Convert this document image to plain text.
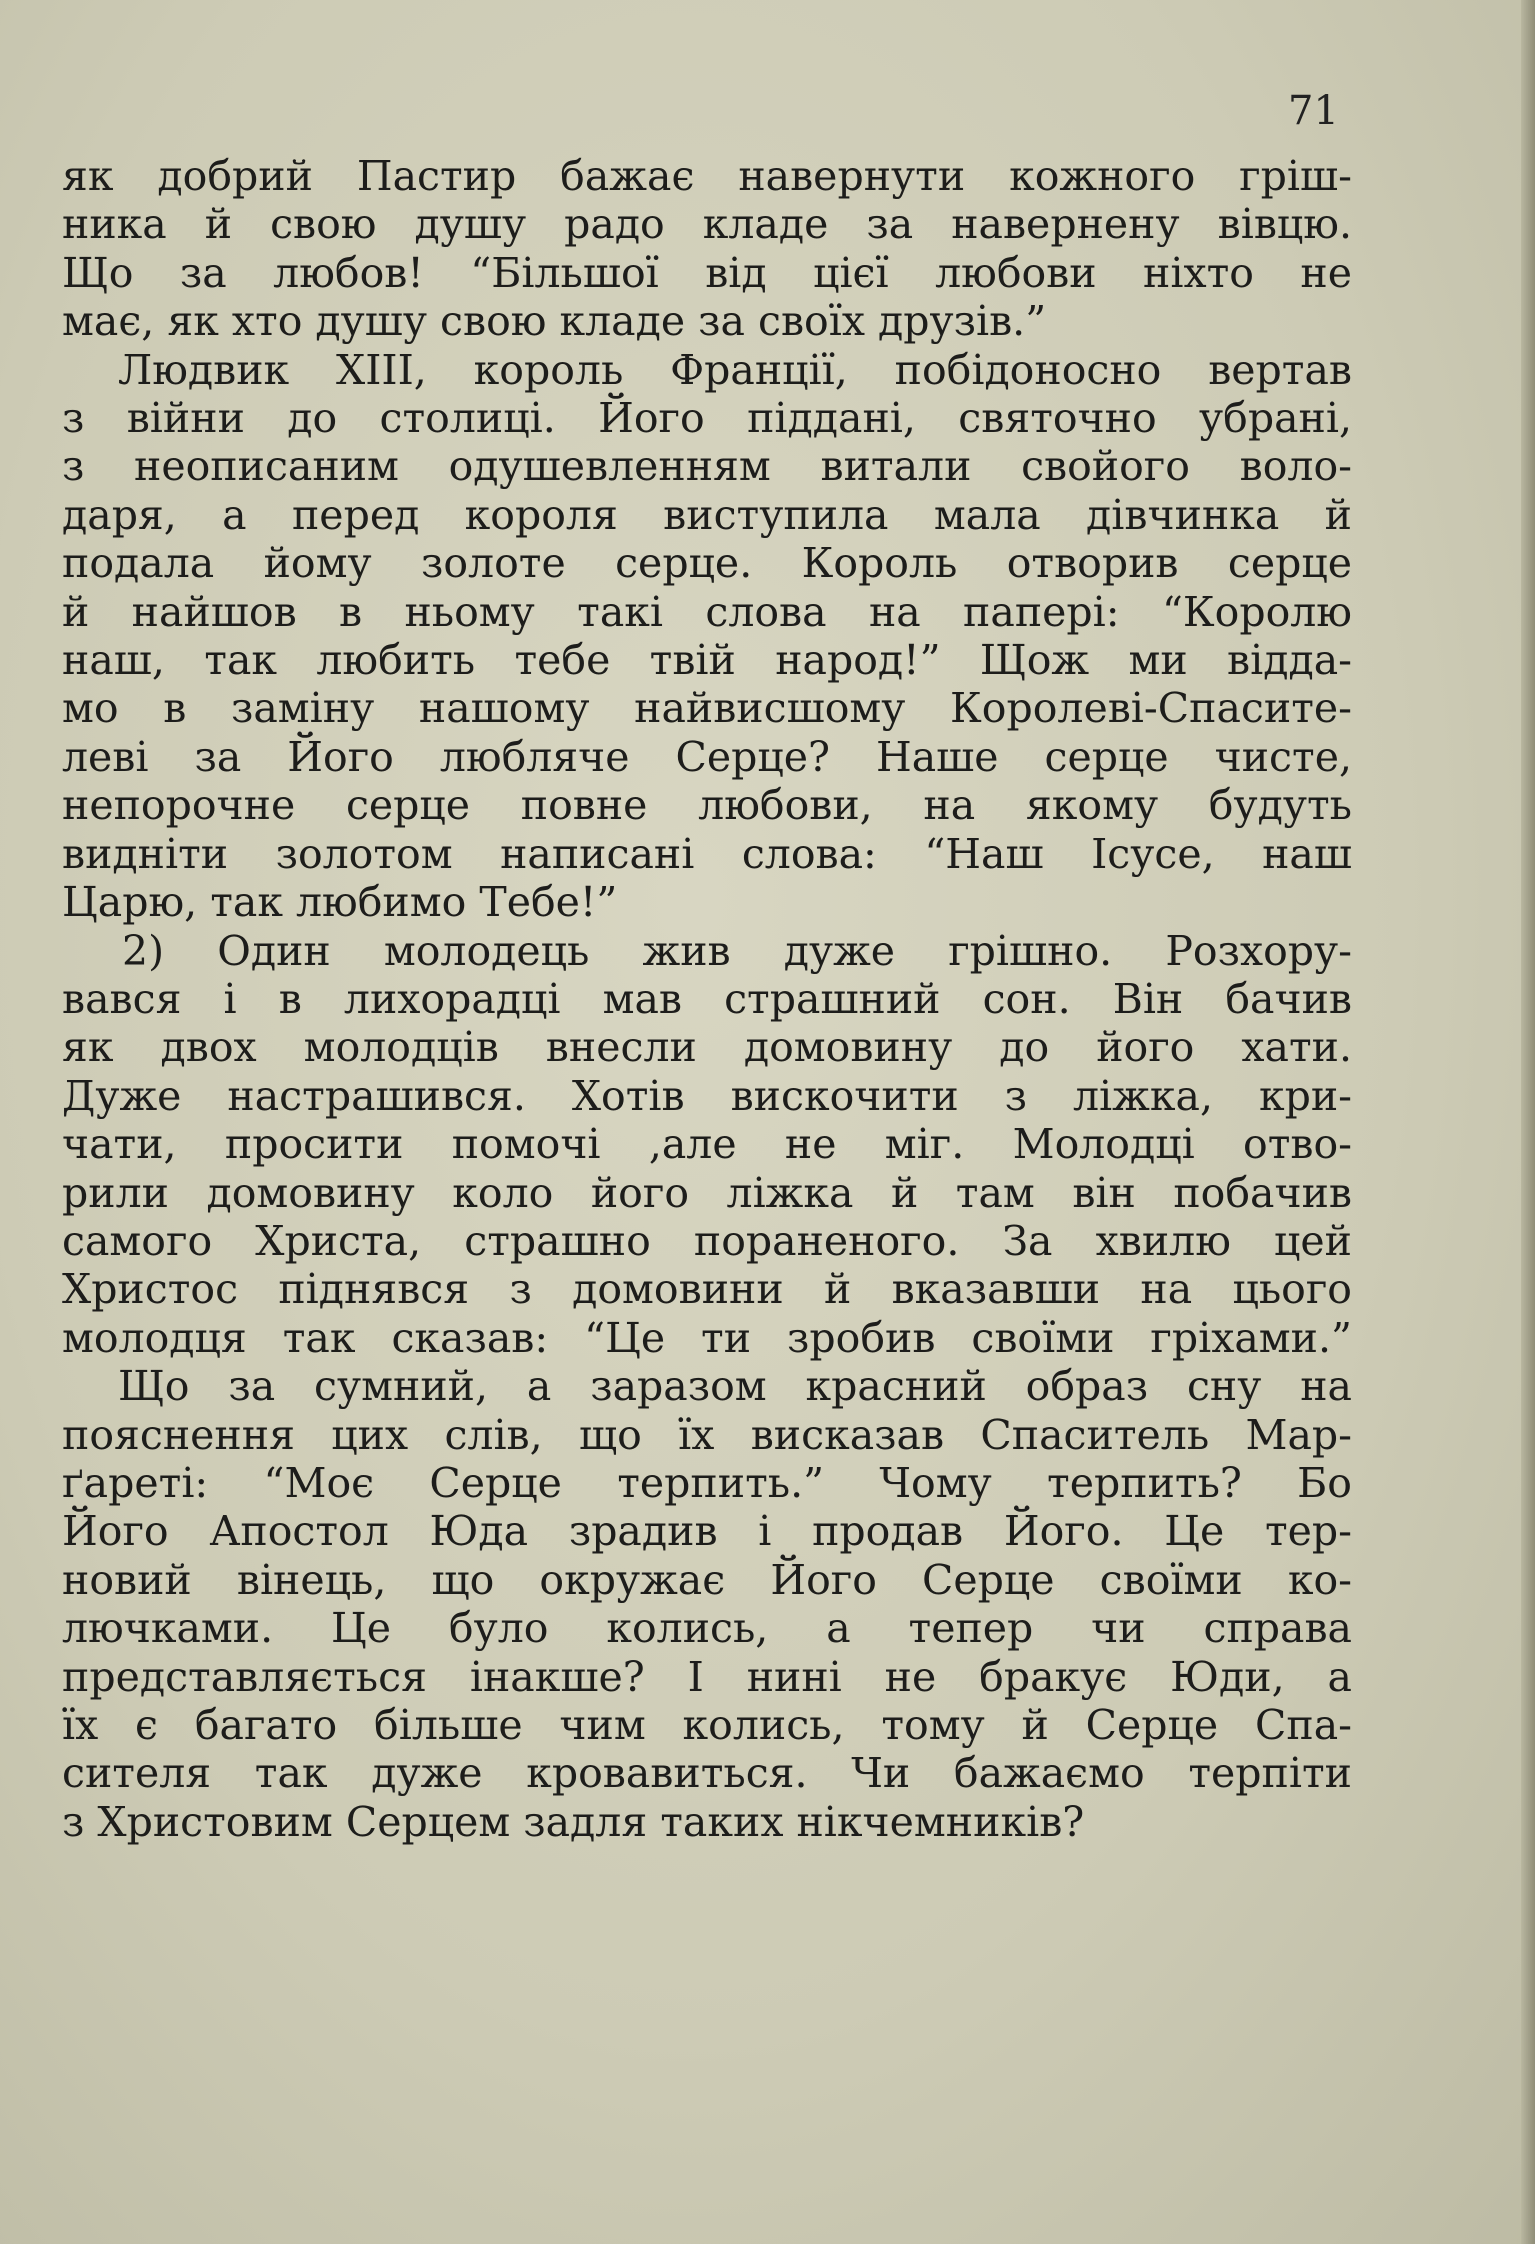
71
як добрий Пастир бажає навернути кожного гріш-
ника й свою душу радо кладе за навернену вівцю.
Що за любов! “Більшої від цієї любови ніхто не
має, як хто душу свою кладе за своїх друзів.”
Людвик XIII, король Франції, побідоносно вертав
з війни до столиці. Його піддані, святочно убрані,
з неописаним одушевленням витали свойого воло-
даря, а перед короля виступила мала дівчинка й
подала йому золоте серце. Король отворив серце
й найшов в ньому такі слова на папері: “Королю
наш, так любить тебе твій народ!” Щож ми відда-
мо в заміну нашому найвисшому Королеві-Спасите-
леві за Його любляче Серце? Наше серце чисте,
непорочне серце повне любови, на якому будуть
видніти золотом написані слова: “Наш Ісусе, наш
Царю, так любимо Тебе!”
2) Один молодець жив дуже грішно. Розхору-
вався і в лихорадці мав страшний сон. Він бачив
як двох молодців внесли домовину до його хати.
Дуже настрашився. Хотів вискочити з ліжка, кри-
чати, просити помочі ,але не міг. Молодці отво-
рили домовину коло його ліжка й там він побачив
самого Христа, страшно пораненого. За хвилю цей
Христос піднявся з домовини й вказавши на цього
молодця так сказав: “Це ти зробив своїми гріхами.”
Що за сумний, а заразом красний образ сну на
пояснення цих слів, що їх висказав Спаситель Мар-
ґареті: “Моє Серце терпить.” Чому терпить? Бо
Його Апостол Юда зрадив і продав Його. Це тер-
новий вінець, що окружає Його Серце своїми ко-
лючками. Це було колись, а тепер чи справа
представляється інакше? І нині не бракує Юди, а
їх є багато більше чим колись, тому й Серце Спа-
сителя так дуже кровавиться. Чи бажаємо терпіти
з Христовим Серцем задля таких нікчемників?
